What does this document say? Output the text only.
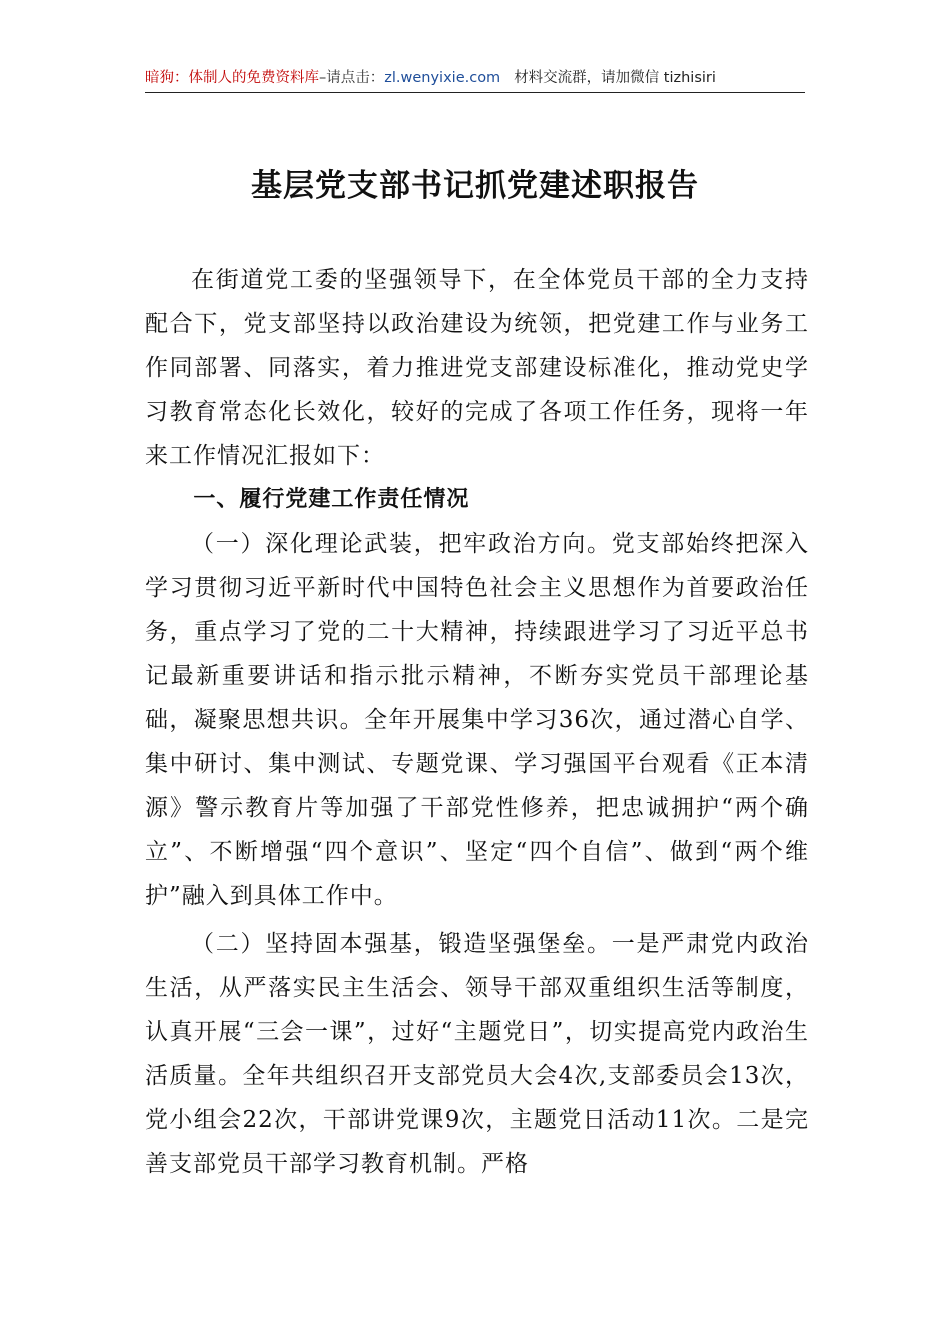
暗狗：体制人的免费资料库–请点击：zl.wenyixie.com 材料交流群，请加微信 tizhisiri
基层党支部书记抓党建述职报告

在街道党工委的坚强领导下，在全体党员干部的全力支持配合下，党支部坚持以政治建设为统领，把党建工作与业务工作同部署、同落实，着力推进党支部建设标准化，推动党史学习教育常态化长效化，较好的完成了各项工作任务，现将一年来工作情况汇报如下：

一、履行党建工作责任情况

（一）深化理论武装，把牢政治方向。党支部始终把深入学习贯彻习近平新时代中国特色社会主义思想作为首要政治任务，重点学习了党的二十大精神，持续跟进学习了习近平总书记最新重要讲话和指示批示精神，不断夯实党员干部理论基础，凝聚思想共识。全年开展集中学习36次，通过潜心自学、集中研讨、集中测试、专题党课、学习强国平台观看《正本清源》警示教育片等加强了干部党性修养，把忠诚拥护“两个确立”、不断增强“四个意识”、坚定“四个自信”、做到“两个维护”融入到具体工作中。

（二）坚持固本强基，锻造坚强堡垒。一是严肃党内政治生活，从严落实民主生活会、领导干部双重组织生活等制度，认真开展“三会一课”，过好“主题党日”，切实提高党内政治生活质量。全年共组织召开支部党员大会4次,支部委员会13次，党小组会22次，干部讲党课9次，主题党日活动11次。二是完善支部党员干部学习教育机制。严格
